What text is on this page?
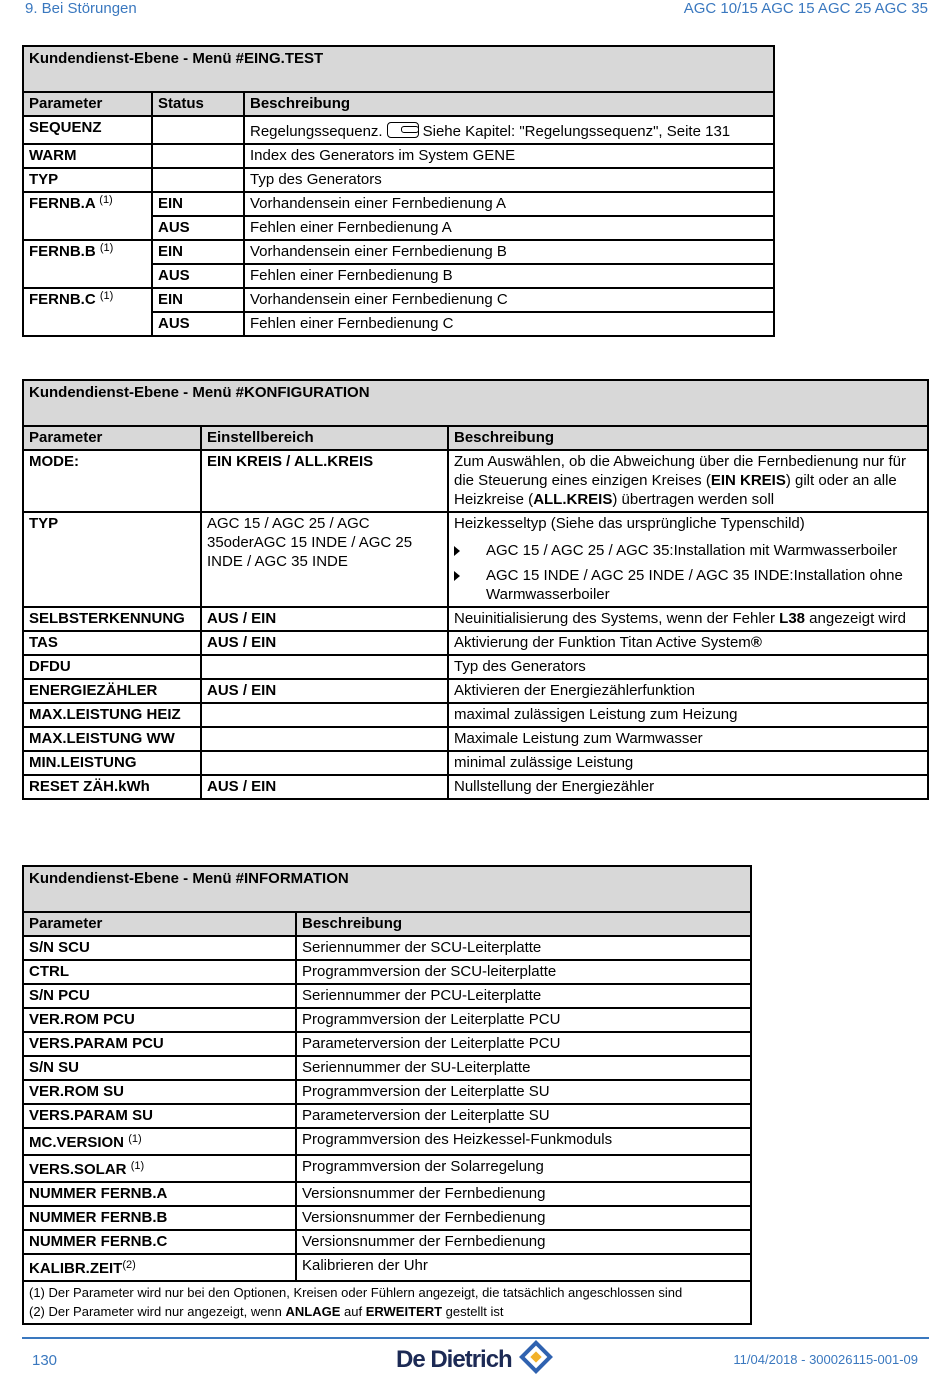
9. Bei Störungen	AGC 10/15 AGC 15 AGC 25 AGC 35
Kundendienst-Ebene - Menü #EING.TEST		
Parameter	Status	Beschreibung
SEQUENZ		Regelungssequenz. Siehe Kapitel: "Regelungssequenz", Seite 131
WARM		Index des Generators im System GENE
TYP		Typ des Generators
FERNB.A $^{(1)}$	EIN	Vorhandensein einer Fernbedienung A
	AUS	Fehlen einer Fernbedienung A
FERNB.B $^{(1)}$	EIN	Vorhandensein einer Fernbedienung B
	AUS	Fehlen einer Fernbedienung B
FERNB.C $^{(1)}$	EIN	Vorhandensein einer Fernbedienung C
	AUS	Fehlen einer Fernbedienung C
Kundendienst-Ebene - Menü #KONFIGURATION		
Parameter	Einstellbereich	Beschreibung
MODE:	EIN KREIS / ALL.KREIS	Zum Auswählen, ob die Abweichung über die Fernbedienung nur für die Steuerung eines einzigen Kreises (EIN KREIS) gilt oder an alle Heizkreise (ALL.KREIS) übertragen werden soll
TYP	AGC 15 / AGC 25 / AGC 35oderAGC 15 INDE / AGC 25 INDE / AGC 35 INDE	Heizkesseltyp (Siehe das ursprüngliche Typenschild)
AGC 15 / AGC 25 / AGC 35:Installation mit Warmwasserboiler
AGC 15 INDE / AGC 25 INDE / AGC 35 INDE:Installation ohne Warmwasserboiler

SELBSTERKENNUNG	AUS / EIN	Neuinitialisierung des Systems, wenn der Fehler L38 angezeigt wird
TAS	AUS / EIN	Aktivierung der Funktion Titan Active System®
DFDU		Typ des Generators
ENERGIEZÄHLER	AUS / EIN	Aktivieren der Energiezählerfunktion
MAX.LEISTUNG HEIZ		maximal zulässigen Leistung zum Heizung
MAX.LEISTUNG WW		Maximale Leistung zum Warmwasser
MIN.LEISTUNG		minimal zulässige Leistung
RESET ZÄH.kWh	AUS / EIN	Nullstellung der Energiezähler
Kundendienst-Ebene - Menü #INFORMATION	
Parameter	Beschreibung
S/N SCU	Seriennummer der SCU-Leiterplatte
CTRL	Programmversion der SCU-leiterplatte
S/N PCU	Seriennummer der PCU-Leiterplatte
VER.ROM PCU	Programmversion der Leiterplatte PCU
VERS.PARAM PCU	Parameterversion der Leiterplatte PCU
S/N SU	Seriennummer der SU-Leiterplatte
VER.ROM SU	Programmversion der Leiterplatte SU
VERS.PARAM SU	Parameterversion der Leiterplatte SU
MC.VERSION $^{(1)}$	Programmversion des Heizkessel-Funkmoduls
VERS.SOLAR $^{(1)}$	Programmversion der Solarregelung
NUMMER FERNB.A	Versionsnummer der Fernbedienung
NUMMER FERNB.B	Versionsnummer der Fernbedienung
NUMMER FERNB.C	Versionsnummer der Fernbedienung
KALIBR.ZEIT$^{(2)}$	Kalibrieren der Uhr

(1) Der Parameter wird nur bei den Optionen, Kreisen oder Fühlern angezeigt, die tatsächlich angeschlossen sind
(2) Der Parameter wird nur angezeigt, wenn ANLAGE auf ERWEITERT gestellt ist	
130	De Dietrich	11/04/2018 - 300026115-001-09
